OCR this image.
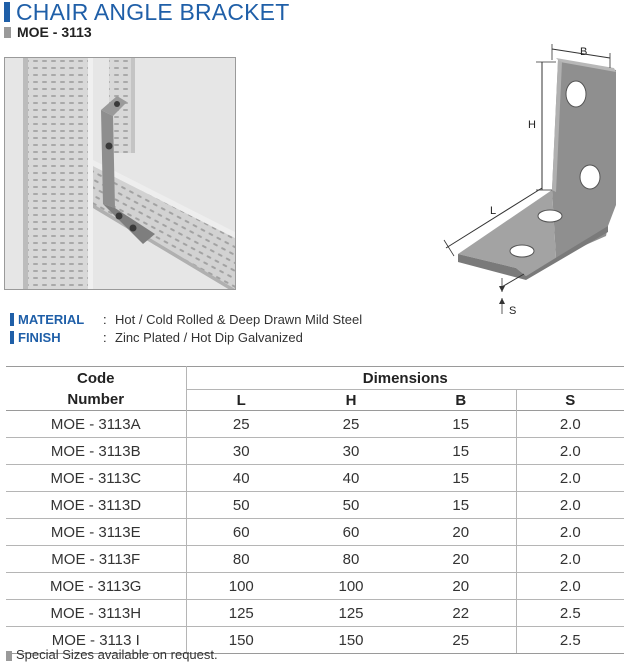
CHAIR ANGLE BRACKET
MOE - 3113
B
H
L
S
MATERIAL : Hot / Cold Rolled & Deep Drawn Mild Steel
FINISH	: Zinc Plated / Hot Dip Galvanized
Code	Dimensions			
Number	L	H	B	S
MOE - 3113A	25	25	15	2.0
MOE - 3113B	30	30	15	2.0
MOE - 3113C	40	40	15	2.0
MOE - 3113D	50	50	15	2.0
MOE - 3113E	60	60	20	2.0
MOE - 3113F	80	80	20	2.0
MOE - 3113G	100	100	20	2.0
MOE - 3113H	125	125	22	2.5
MOE - 3113 I	150	150	25	2.5
Special Sizes available on request.
